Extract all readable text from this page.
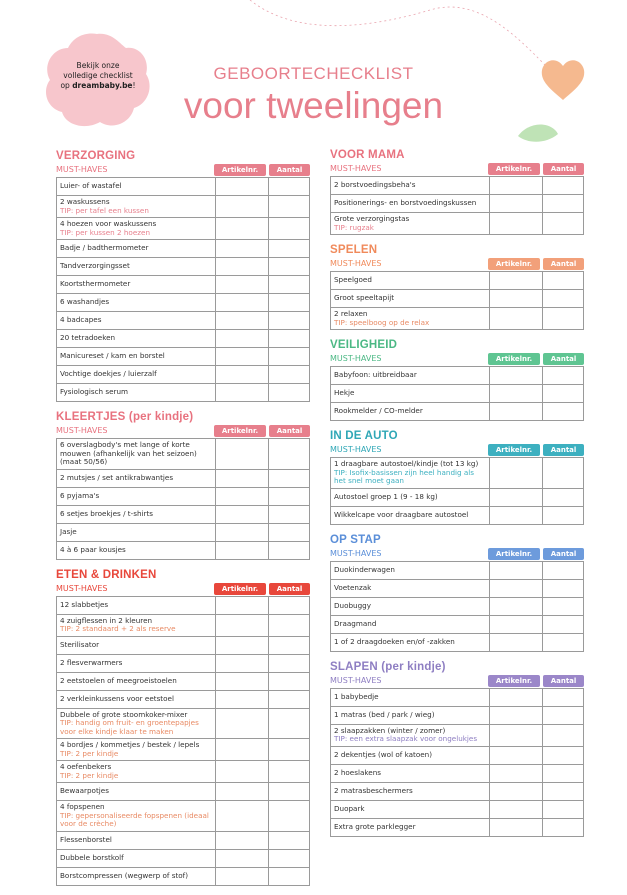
Bekijk onze
volledige checklist
op dreambaby.be!
GEBOORTECHECKLIST
voor tweelingen
VERZORGING
MUST-HAVES	Artikelnr.	Aantal
Luier- of wastafel		

2 waskussens
TIP: per tafel een kussen		

4 hoezen voor waskussens
TIP: per kussen 2 hoezen		

Badje / badthermometer		

Tandverzorgingsset		

Koortsthermometer		

6 washandjes		

4 badcapes		

20 tetradoeken		

Manicureset / kam en borstel		

Vochtige doekjes / luierzalf		

Fysiologisch serum		

KLEERTJES (per kindje)
MUST-HAVES	Artikelnr.	Aantal
6 overslagbody's met lange of korte mouwen (afhankelijk van het seizoen) (maat 50/56)		

2 mutsjes / set antikrabwantjes		

6 pyjama's		

6 setjes broekjes / t-shirts		

Jasje		

4 à 6 paar kousjes		

ETEN & DRINKEN
MUST-HAVES	Artikelnr.	Aantal
12 slabbetjes		

4 zuigflessen in 2 kleuren
TIP: 2 standaard + 2 als reserve		

Sterilisator		

2 flesverwarmers		

2 eetstoelen of meegroeistoelen		

2 verkleinkussens voor eetstoel		

Dubbele of grote stoomkoker-mixer
TIP: handig om fruit- en groentepapjes voor elke kindje klaar te maken		

4 bordjes / kommetjes / bestek / lepels
TIP: 2 per kindje		

4 oefenbekers
TIP: 2 per kindje		

Bewaarpotjes		

4 fopspenen
TIP: gepersonaliseerde fopspenen (ideaal voor de crèche)		

Flessenborstel		

Dubbele borstkolf		

Borstcompressen (wegwerp of stof)		

VOOR MAMA
MUST-HAVES	Artikelnr.	Aantal
2 borstvoedingsbeha's		

Positionerings- en borstvoedingskussen		

Grote verzorgingstas
TIP: rugzak		

SPELEN
MUST-HAVES	Artikelnr.	Aantal
Speelgoed		

Groot speeltapijt		

2 relaxen
TIP: speelboog op de relax		

VEILIGHEID
MUST-HAVES	Artikelnr.	Aantal
Babyfoon: uitbreidbaar		

Hekje		

Rookmelder / CO-melder		

IN DE AUTO
MUST-HAVES	Artikelnr.	Aantal
1 draagbare autostoel/kindje (tot 13 kg)
TIP: Isofix-basissen zijn heel handig als het snel moet gaan		

Autostoel groep 1 (9 - 18 kg)		

Wikkelcape voor draagbare autostoel		

OP STAP
MUST-HAVES	Artikelnr.	Aantal
Duokinderwagen		

Voetenzak		

Duobuggy		

Draagmand		

1 of 2 draagdoeken en/of -zakken		

SLAPEN (per kindje)
MUST-HAVES	Artikelnr.	Aantal
1 babybedje		

1 matras (bed / park / wieg)		

2 slaapzakken (winter / zomer)
TIP: een extra slaapzak voor ongelukjes		

2 dekentjes (wol of katoen)		

2 hoeslakens		

2 matrasbeschermers		

Duopark		

Extra grote parklegger		
